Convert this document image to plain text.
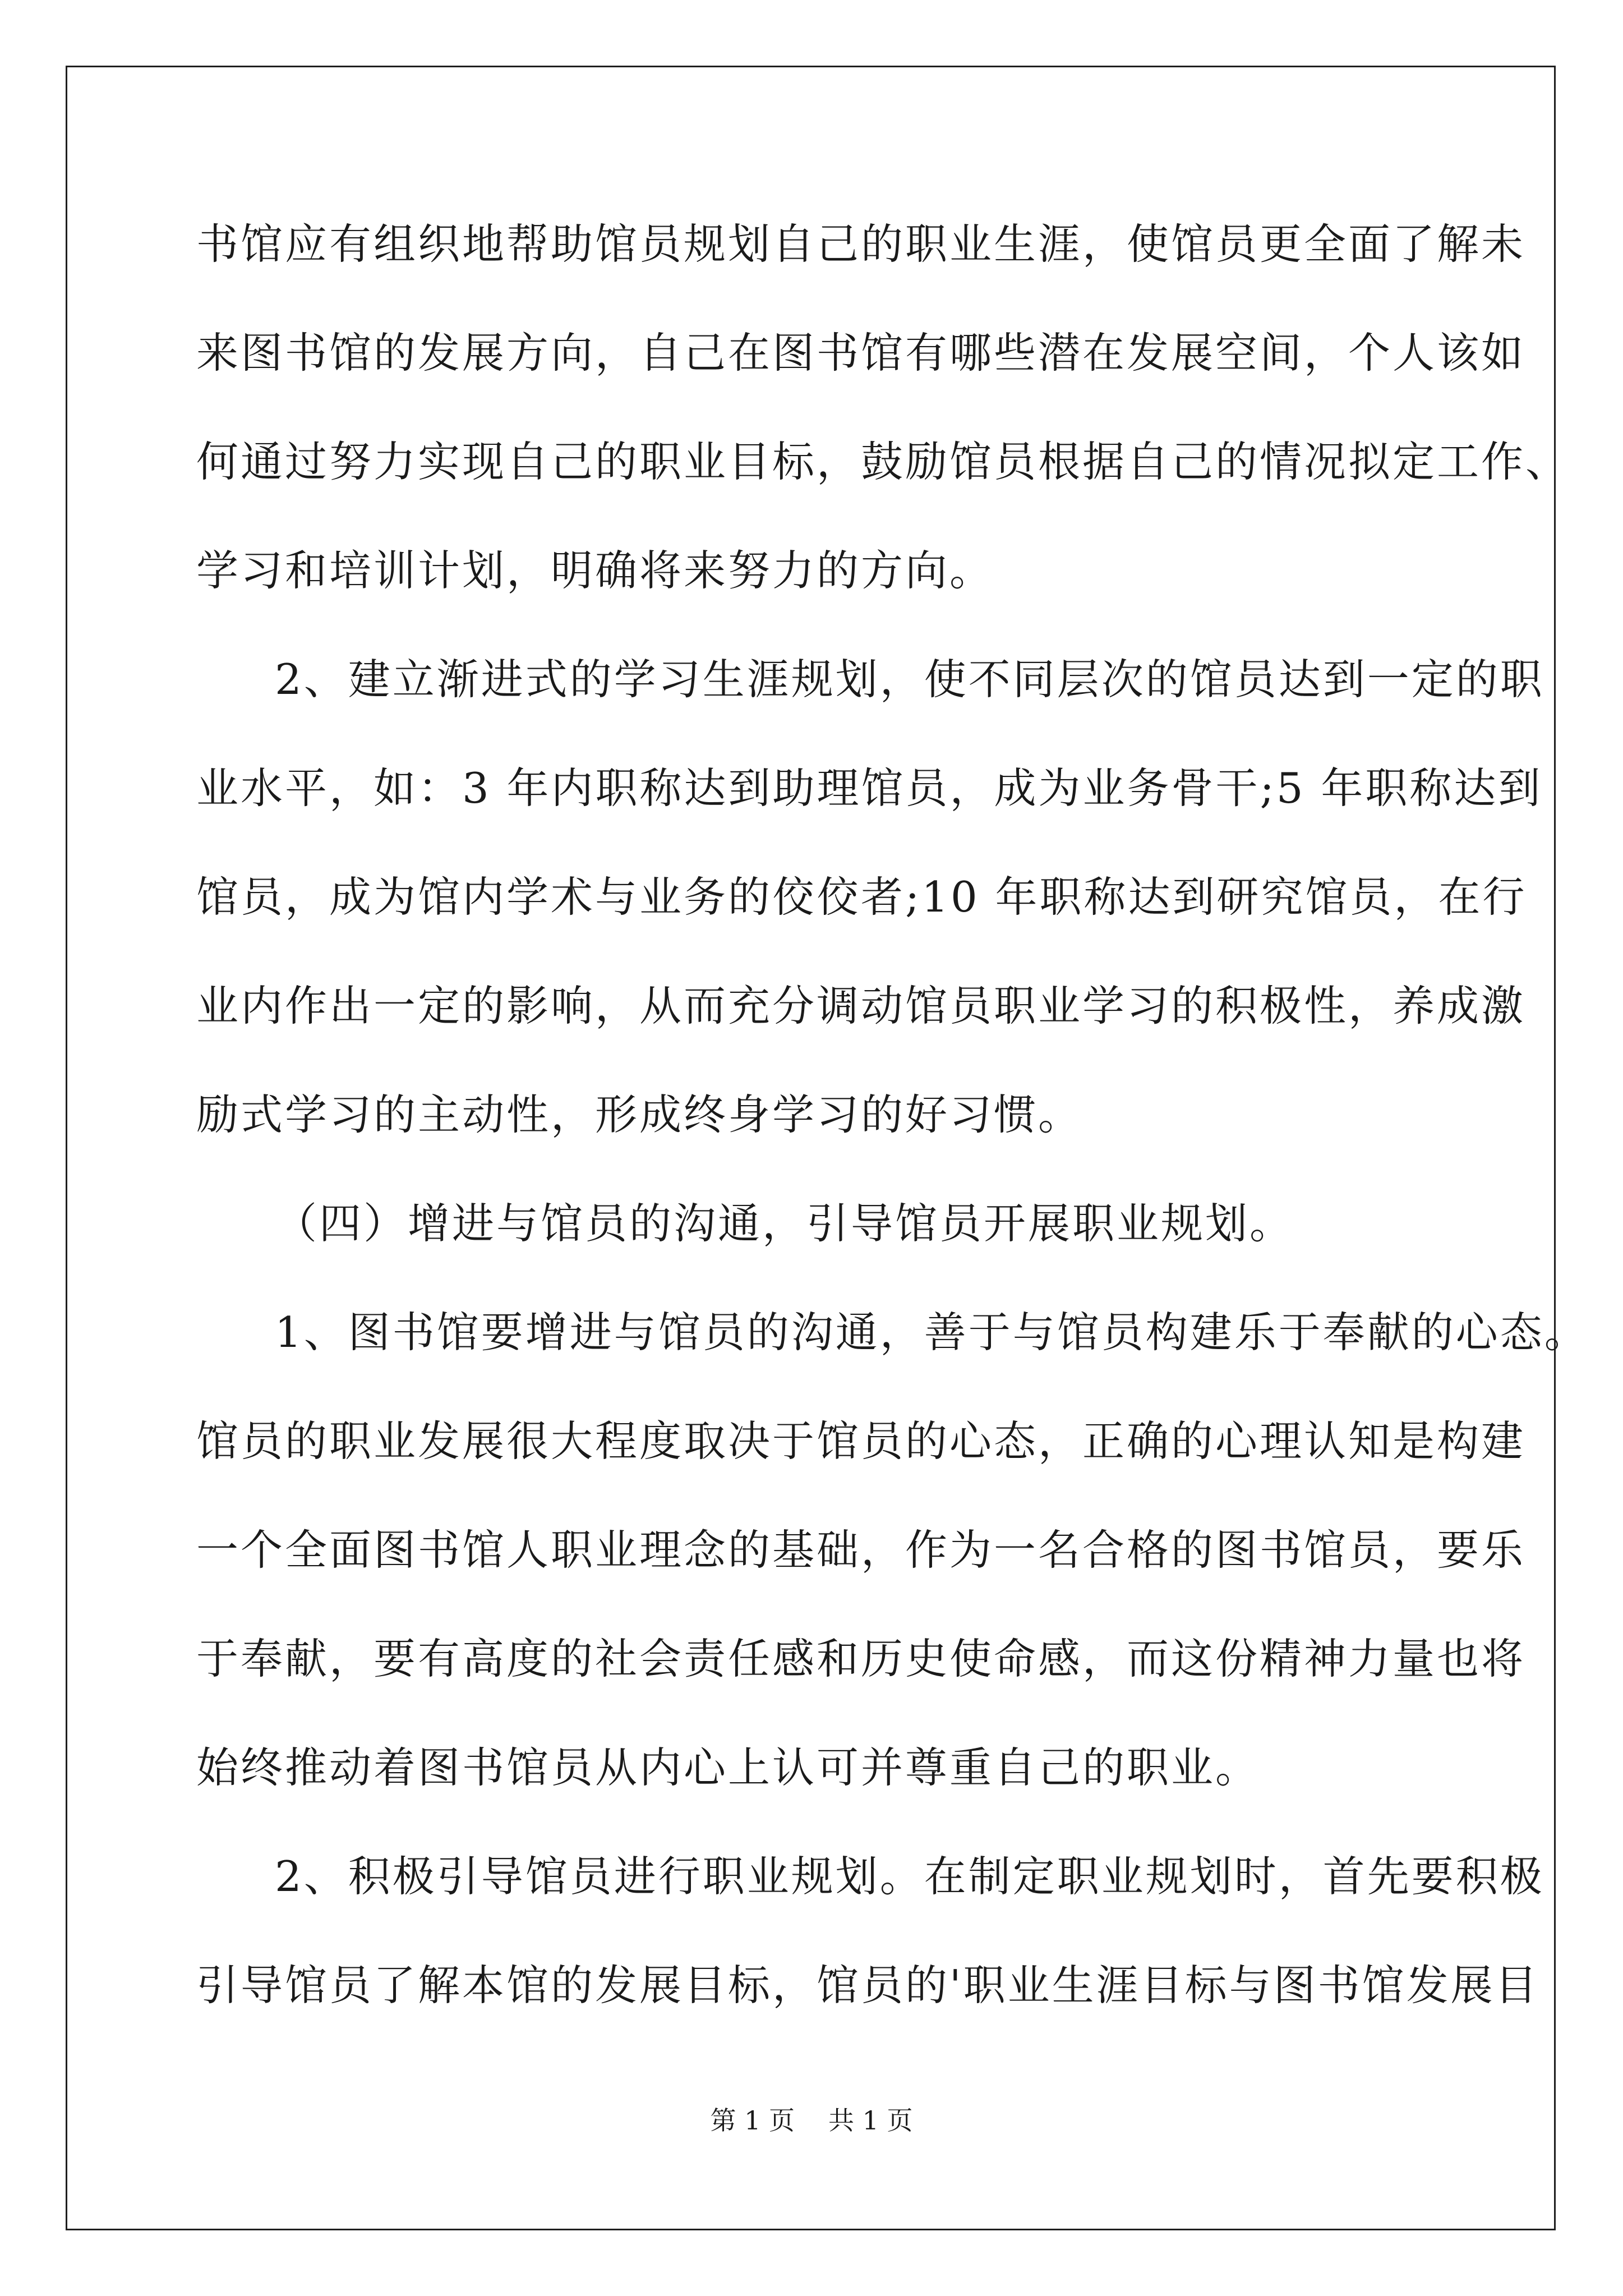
书馆应有组织地帮助馆员规划自己的职业生涯，使馆员更全面了解未
来图书馆的发展方向，自己在图书馆有哪些潜在发展空间，个人该如
何通过努力实现自己的职业目标，鼓励馆员根据自己的情况拟定工作、
学习和培训计划，明确将来努力的方向。
2、建立渐进式的学习生涯规划，使不同层次的馆员达到一定的职
业水平，如：3 年内职称达到助理馆员，成为业务骨干;5 年职称达到
馆员，成为馆内学术与业务的佼佼者;10 年职称达到研究馆员，在行
业内作出一定的影响，从而充分调动馆员职业学习的积极性，养成激
励式学习的主动性，形成终身学习的好习惯。
（四）增进与馆员的沟通，引导馆员开展职业规划。
1、图书馆要增进与馆员的沟通，善于与馆员构建乐于奉献的心态。
馆员的职业发展很大程度取决于馆员的心态，正确的心理认知是构建
一个全面图书馆人职业理念的基础，作为一名合格的图书馆员，要乐
于奉献，要有高度的社会责任感和历史使命感，而这份精神力量也将
始终推动着图书馆员从内心上认可并尊重自己的职业。
2、积极引导馆员进行职业规划。在制定职业规划时，首先要积极
引导馆员了解本馆的发展目标，馆员的'职业生涯目标与图书馆发展目
第 1 页 共 1 页
